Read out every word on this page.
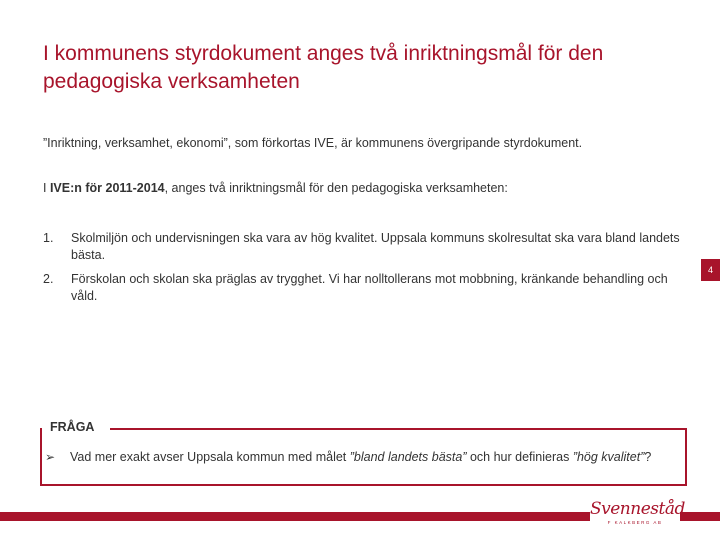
I kommunens styrdokument anges två inriktningsmål för den pedagogiska verksamheten
”Inriktning, verksamhet, ekonomi”, som förkortas IVE, är kommunens övergripande styrdokument.
I IVE:n för 2011-2014, anges två inriktningsmål för den pedagogiska verksamheten:
1. Skolmiljön och undervisningen ska vara av hög kvalitet. Uppsala kommuns skolresultat ska vara bland landets bästa.
2. Förskolan och skolan ska präglas av trygghet. Vi har nolltollerans mot mobbning, kränkande behandling och våld.
4
FRÅGA
➢ Vad mer exakt avser Uppsala kommun med målet ”bland landets bästa” och hur definieras ”hög kvalitet”?
Svenneståd
F KALKBERG AB
